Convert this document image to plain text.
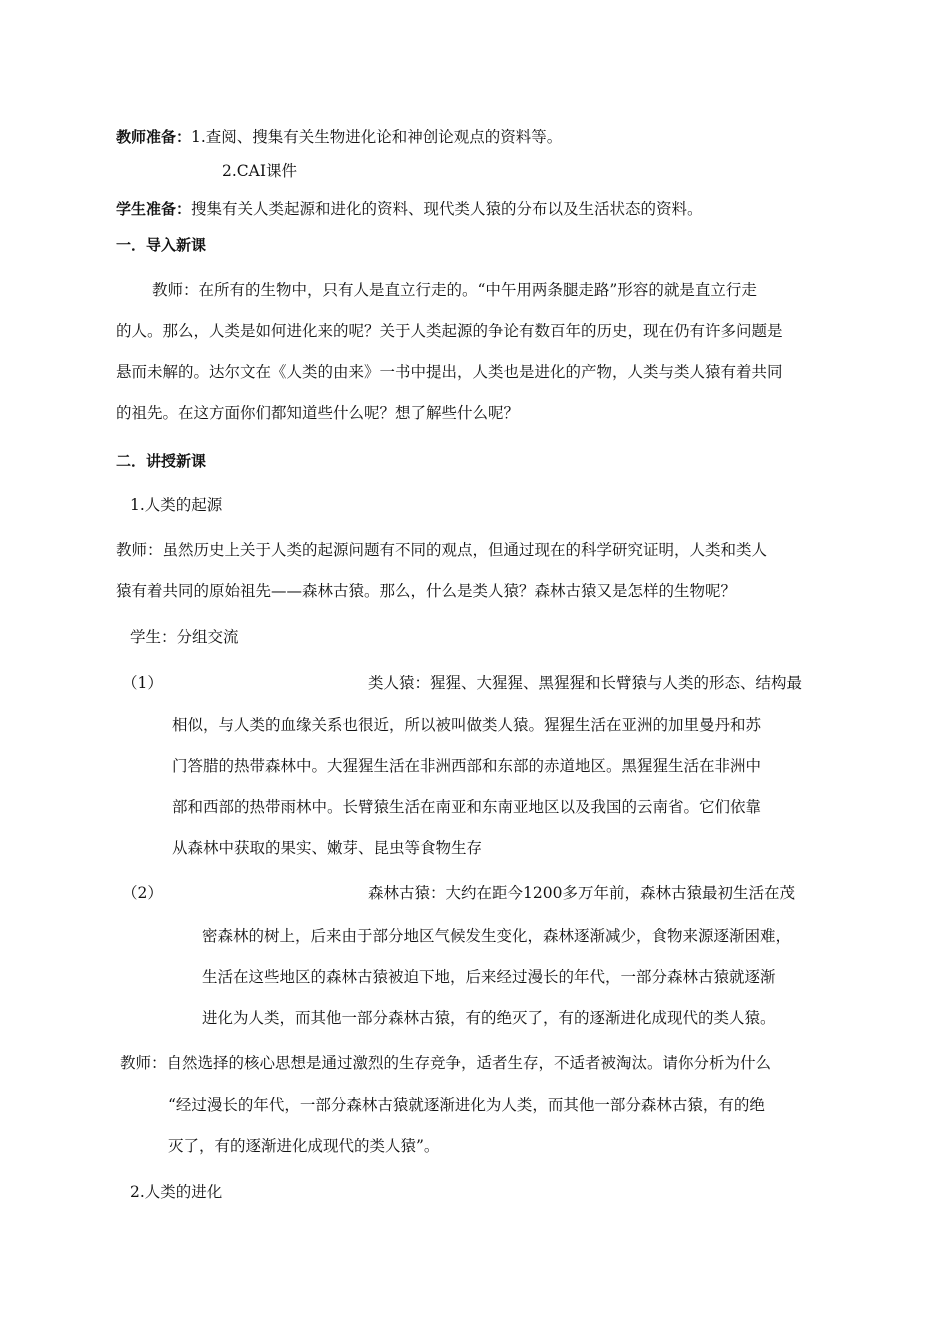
教师准备：1.查阅、搜集有关生物进化论和神创论观点的资料等。
2.CAI课件
学生准备：搜集有关人类起源和进化的资料、现代类人猿的分布以及生活状态的资料。
一．导入新课
教师：在所有的生物中，只有人是直立行走的。“中午用两条腿走路”形容的就是直立行走
的人。那么，人类是如何进化来的呢？关于人类起源的争论有数百年的历史，现在仍有许多问题是
悬而未解的。达尔文在《人类的由来》一书中提出，人类也是进化的产物，人类与类人猿有着共同
的祖先。在这方面你们都知道些什么呢？想了解些什么呢？
二．讲授新课
1.人类的起源
教师：虽然历史上关于人类的起源问题有不同的观点，但通过现在的科学研究证明，人类和类人
猿有着共同的原始祖先——森林古猿。那么，什么是类人猿？森林古猿又是怎样的生物呢？
学生：分组交流
（1）	类人猿：猩猩、大猩猩、黑猩猩和长臂猿与人类的形态、结构最
相似，与人类的血缘关系也很近，所以被叫做类人猿。猩猩生活在亚洲的加里曼丹和苏
门答腊的热带森林中。大猩猩生活在非洲西部和东部的赤道地区。黑猩猩生活在非洲中
部和西部的热带雨林中。长臂猿生活在南亚和东南亚地区以及我国的云南省。它们依靠
从森林中获取的果实、嫩芽、昆虫等食物生存
（2）	森林古猿：大约在距今1200多万年前，森林古猿最初生活在茂
密森林的树上，后来由于部分地区气候发生变化，森林逐渐减少，食物来源逐渐困难，
生活在这些地区的森林古猿被迫下地，后来经过漫长的年代，一部分森林古猿就逐渐
进化为人类，而其他一部分森林古猿，有的绝灭了，有的逐渐进化成现代的类人猿。
教师：自然选择的核心思想是通过激烈的生存竞争，适者生存，不适者被淘汰。请你分析为什么
“经过漫长的年代，一部分森林古猿就逐渐进化为人类，而其他一部分森林古猿，有的绝
灭了，有的逐渐进化成现代的类人猿”。
2.人类的进化
